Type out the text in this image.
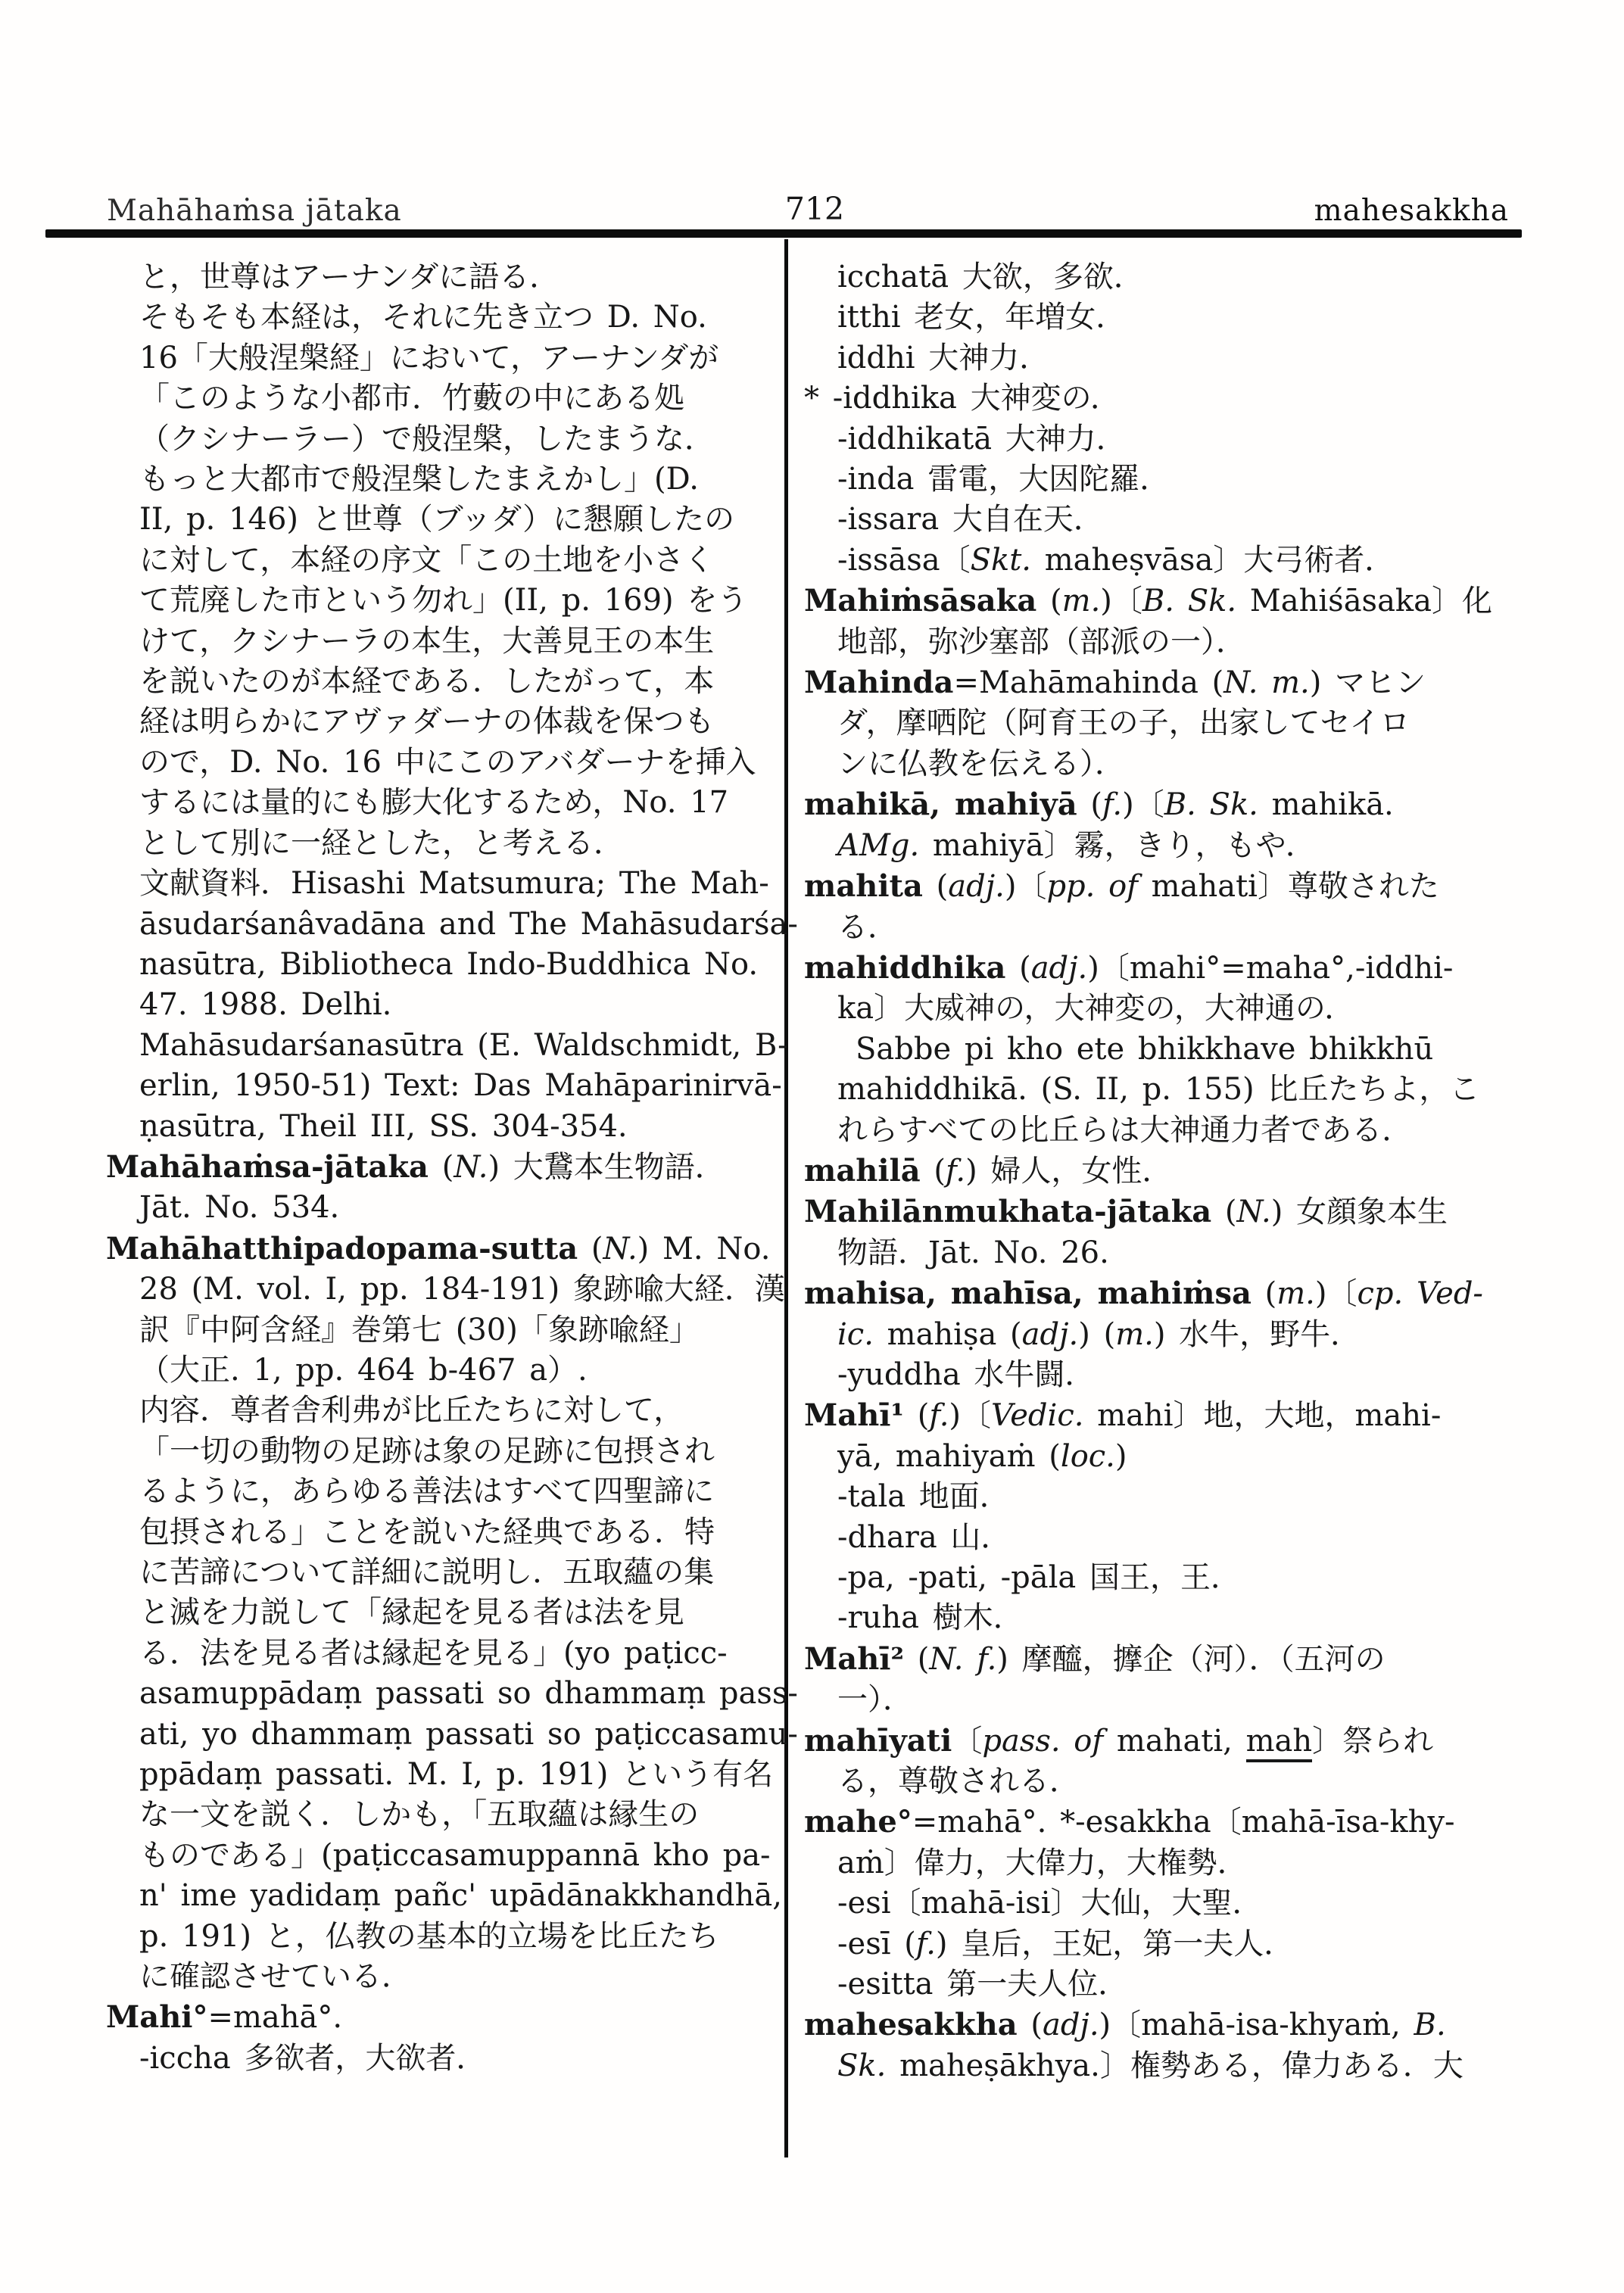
Mahāhaṁsa jātaka	712	mahesakkha
と，世尊はアーナンダに語る．
そもそも本経は，それに先き立つ D. No.
16「大般涅槃経」において，アーナンダが
「このような小都市．竹藪の中にある処
（クシナーラー）で般涅槃，したまうな．
もっと大都市で般涅槃したまえかし」(D.
II, p. 146) と世尊（ブッダ）に懇願したの
に対して，本経の序文「この土地を小さく
て荒廃した市という勿れ」(II, p. 169) をう
けて，クシナーラの本生，大善見王の本生
を説いたのが本経である．したがって，本
経は明らかにアヴァダーナの体裁を保つも
ので，D. No. 16 中にこのアバダーナを挿入
するには量的にも膨大化するため，No. 17
として別に一経とした，と考える．
文献資料．Hisashi Matsumura; The Mah-
āsudarśanâvadāna and The Mahāsudarśa-
nasūtra, Bibliotheca Indo-Buddhica No.
47. 1988. Delhi.
Mahāsudarśanasūtra (E. Waldschmidt, B-
erlin, 1950-51) Text: Das Mahāparinirvā-
ṇasūtra, Theil III, SS. 304-354.
Mahāhaṁsa-jātaka (N.) 大鵞本生物語．
Jāt. No. 534.
Mahāhatthipadopama-sutta (N.) M. No.
28 (M. vol. I, pp. 184-191) 象跡喩大経．漢
訳『中阿含経』巻第七 (30)「象跡喩経」
（大正. 1, pp. 464 b-467 a）.
内容．尊者舎利弗が比丘たちに対して，
「一切の動物の足跡は象の足跡に包摂され
るように，あらゆる善法はすべて四聖諦に
包摂される」ことを説いた経典である．特
に苦諦について詳細に説明し．五取蘊の集
と滅を力説して「縁起を見る者は法を見
る．法を見る者は縁起を見る」(yo paṭicc-
asamuppādaṃ passati so dhammaṃ pass-
ati, yo dhammaṃ passati so paṭiccasamu-
ppādaṃ passati. M. I, p. 191) という有名
な一文を説く．しかも，「五取蘊は縁生の
ものである」(paṭiccasamuppannā kho pa-
n' ime yadidaṃ pañc' upādānakkhandhā,
p. 191) と，仏教の基本的立場を比丘たち
に確認させている．
Mahi°=mahā°.
-iccha 多欲者，大欲者．
icchatā 大欲，多欲．
itthi 老女，年増女．
iddhi 大神力．
* -iddhika 大神変の．
-iddhikatā 大神力．
-inda 雷電，大因陀羅．
-issara 大自在天．
-issāsa〔Skt. maheṣvāsa〕大弓術者．
Mahiṁsāsaka (m.)〔B. Sk. Mahiśāsaka〕化
地部，弥沙塞部（部派の一）．
Mahinda=Mahāmahinda (N. m.) マヒン
ダ，摩哂陀（阿育王の子，出家してセイロ
ンに仏教を伝える）．
mahikā, mahiyā (f.)〔B. Sk. mahikā.
AMg. mahiyā〕霧，きり，もや．
mahita (adj.)〔pp. of mahati〕尊敬された
る．
mahiddhika (adj.)〔mahi°=maha°,-iddhi-
ka〕大威神の，大神変の，大神通の．
Sabbe pi kho ete bhikkhave bhikkhū
mahiddhikā. (S. II, p. 155) 比丘たちよ，こ
れらすべての比丘らは大神通力者である．
mahilā (f.) 婦人，女性．
Mahilānmukhata-jātaka (N.) 女顔象本生
物語．Jāt. No. 26.
mahisa, mahīsa, mahiṁsa (m.)〔cp. Ved-
ic. mahiṣa (adj.) (m.) 水牛，野牛．
-yuddha 水牛闘．
Mahī¹ (f.)〔Vedic. mahi〕地，大地，mahi-
yā, mahiyaṁ (loc.)
-tala 地面．
-dhara 山．
-pa, -pati, -pāla 国王，王．
-ruha 樹木．
Mahī² (N. f.) 摩醯，擵企（河）．（五河の
一）．
mahīyati〔pass. of mahati, mah〕祭られ
る，尊敬される．
mahe°=mahā°. *-esakkha〔mahā-īsa-khy-
aṁ〕偉力，大偉力，大権勢．
-esi〔mahā-isi〕大仙，大聖．
-esī (f.) 皇后，王妃，第一夫人．
-esitta 第一夫人位．
mahesakkha (adj.)〔mahā-isa-khyaṁ, B.
Sk. maheṣākhya.〕権勢ある，偉力ある．大
